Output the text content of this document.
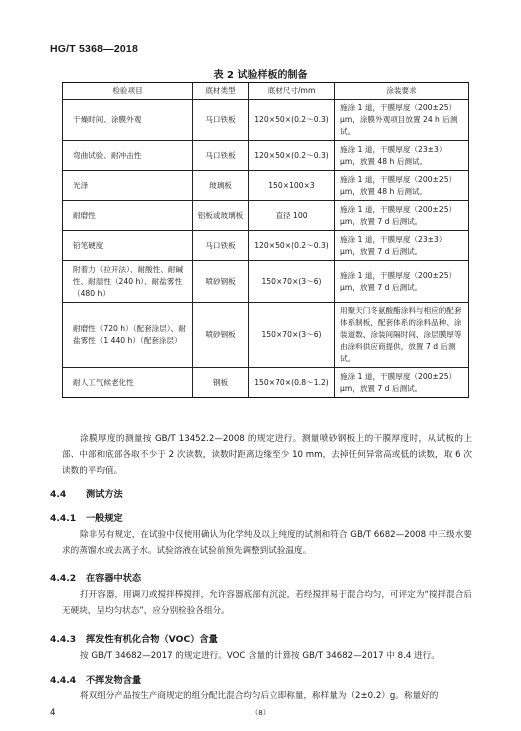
HG/T 5368—2018
表 2 试验样板的制备
检验项目	底材类型	底材尺寸/mm	涂装要求
干燥时间、涂膜外观	马口铁板	120×50×(0.2～0.3)	施涂 1 道，干膜厚度（200±25）μm，涂膜外观项目放置 24 h 后测试。
弯曲试验、耐冲击性	马口铁板	120×50×(0.2～0.3)	施涂 1 道，干膜厚度（23±3）μm，放置 48 h 后测试。
光泽	玻璃板	150×100×3	施涂 1 道，干膜厚度（200±25）μm，放置 48 h 后测试。
耐磨性	铝板或玻璃板	直径 100	施涂 1 道，干膜厚度（200±25）μm，放置 7 d 后测试。
铅笔硬度	马口铁板	120×50×(0.2～0.3)	施涂 1 道，干膜厚度（23±3）μm，放置 7 d 后测试。
附着力（拉开法）、耐酸性、耐碱性、耐湿性（240 h）、耐盐雾性（480 h）	喷砂钢板	150×70×(3～6)	施涂 1 道，干膜厚度（200±25）μm，放置 7 d 后测试。
耐磨性（720 h）（配套涂层）、耐盐雾性（1 440 h）（配套涂层）	喷砂钢板	150×70×(3～6)	用聚天门冬氨酸酯涂料与相应的配套体系制板，配套体系的涂料品种、涂装道数、涂装间隔时间、涂层膜厚等由涂料供应商提供，放置 7 d 后测试。
耐人工气候老化性	钢板	150×70×(0.8～1.2)	施涂 1 道，干膜厚度（200±25）μm，放置 7 d 后测试。
涂膜厚度的测量按 GB/T 13452.2—2008 的规定进行。测量喷砂钢板上的干膜厚度时，从试板的上部、中部和底部各取不少于 2 次读数，读数时距离边缘至少 10 mm，去掉任何异常高或低的读数，取 6 次读数的平均值。
4.4 测试方法
4.4.1 一般规定
除非另有规定，在试验中仅使用确认为化学纯及以上纯度的试剂和符合 GB/T 6682—2008 中三级水要求的蒸馏水或去离子水。试验溶液在试验前预先调整到试验温度。
4.4.2 在容器中状态
打开容器，用调刀或搅拌棒搅拌，允许容器底部有沉淀，若经搅拌易于混合均匀，可评定为“搅拌混合后无硬块，呈均匀状态”，应分别检验各组分。
4.4.3 挥发性有机化合物（VOC）含量
按 GB/T 34682—2017 的规定进行。VOC 含量的计算按 GB/T 34682—2017 中 8.4 进行。
4.4.4 不挥发物含量
将双组分产品按生产商规定的组分配比混合均匀后立即称量，称样量为（2±0.2）g。称量好的
4	（8）
